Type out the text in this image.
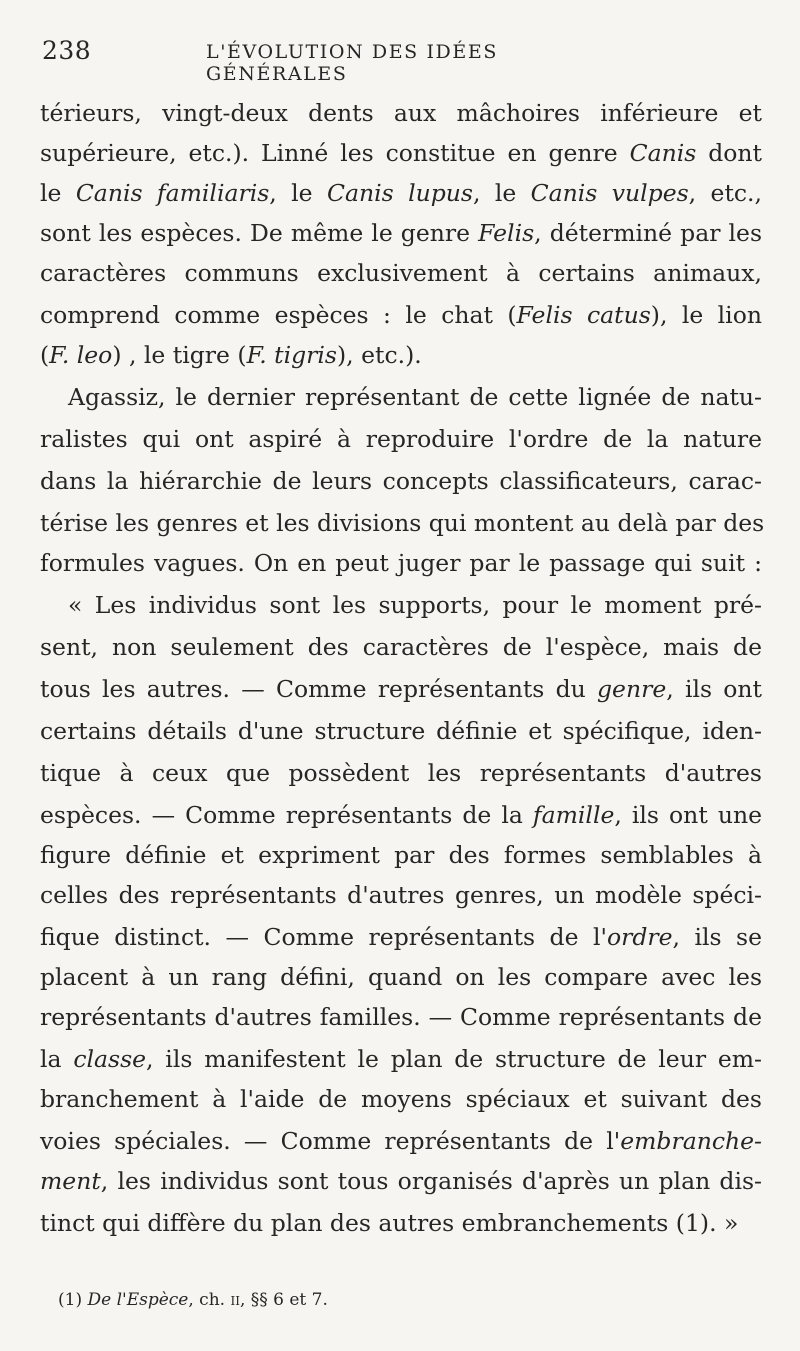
238	L'ÉVOLUTION DES IDÉES GÉNÉRALES
térieurs, vingt-deux dents aux mâchoires inférieure et
supérieure, etc.). Linné les constitue en genre Canis dont
le Canis familiaris, le Canis lupus, le Canis vulpes, etc.,
sont les espèces. De même le genre Felis, déterminé par les
caractères communs exclusivement à certains animaux,
comprend comme espèces : le chat (Felis catus), le lion
(F. leo) , le tigre (F. tigris), etc.).
Agassiz, le dernier représentant de cette lignée de natu-
ralistes qui ont aspiré à reproduire l'ordre de la nature
dans la hiérarchie de leurs concepts classificateurs, carac-
térise les genres et les divisions qui montent au delà par des
formules vagues. On en peut juger par le passage qui suit :
« Les individus sont les supports, pour le moment pré-
sent, non seulement des caractères de l'espèce, mais de
tous les autres. — Comme représentants du genre, ils ont
certains détails d'une structure définie et spécifique, iden-
tique à ceux que possèdent les représentants d'autres
espèces. — Comme représentants de la famille, ils ont une
figure définie et expriment par des formes semblables à
celles des représentants d'autres genres, un modèle spéci-
fique distinct. — Comme représentants de l'ordre, ils se
placent à un rang défini, quand on les compare avec les
représentants d'autres familles. — Comme représentants de
la classe, ils manifestent le plan de structure de leur em-
branchement à l'aide de moyens spéciaux et suivant des
voies spéciales. — Comme représentants de l'embranche-
ment, les individus sont tous organisés d'après un plan dis-
tinct qui diffère du plan des autres embranchements (1). »
(1) De l'Espèce, ch. ii, §§ 6 et 7.
